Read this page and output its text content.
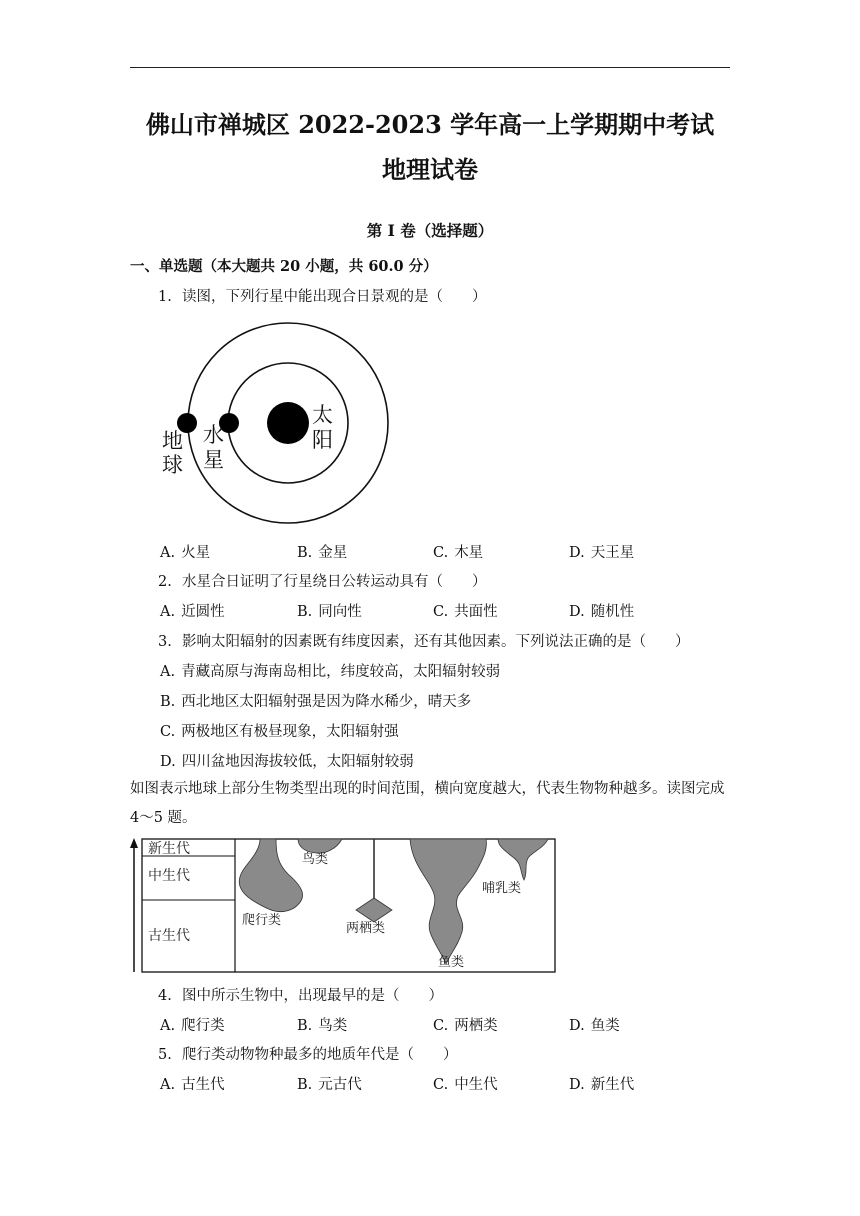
佛山市禅城区 2022-2023 学年高一上学期期中考试
地理试卷
第 I 卷（选择题）
一、单选题（本大题共 20 小题，共 60.0 分）
1. 读图，下列行星中能出现合日景观的是（　　）
地
球
水
星
太
阳
A. 火星	B. 金星	C. 木星	D. 天王星
2. 水星合日证明了行星绕日公转运动具有（　　）
A. 近圆性	B. 同向性	C. 共面性	D. 随机性
3. 影响太阳辐射的因素既有纬度因素，还有其他因素。下列说法正确的是（　　）
A. 青藏高原与海南岛相比，纬度较高，太阳辐射较弱
B. 西北地区太阳辐射强是因为降水稀少，晴天多
C. 两极地区有极昼现象，太阳辐射强
D. 四川盆地因海拔较低，太阳辐射较弱
如图表示地球上部分生物类型出现的时间范围，横向宽度越大，代表生物物种越多。读图完成 4～5 题。
新生代
中生代
古生代
鸟类
哺乳类
爬行类
两栖类
鱼类
4. 图中所示生物中，出现最早的是（　　）
A. 爬行类	B. 鸟类	C. 两栖类	D. 鱼类
5. 爬行类动物物种最多的地质年代是（　　）
A. 古生代	B. 元古代	C. 中生代	D. 新生代
